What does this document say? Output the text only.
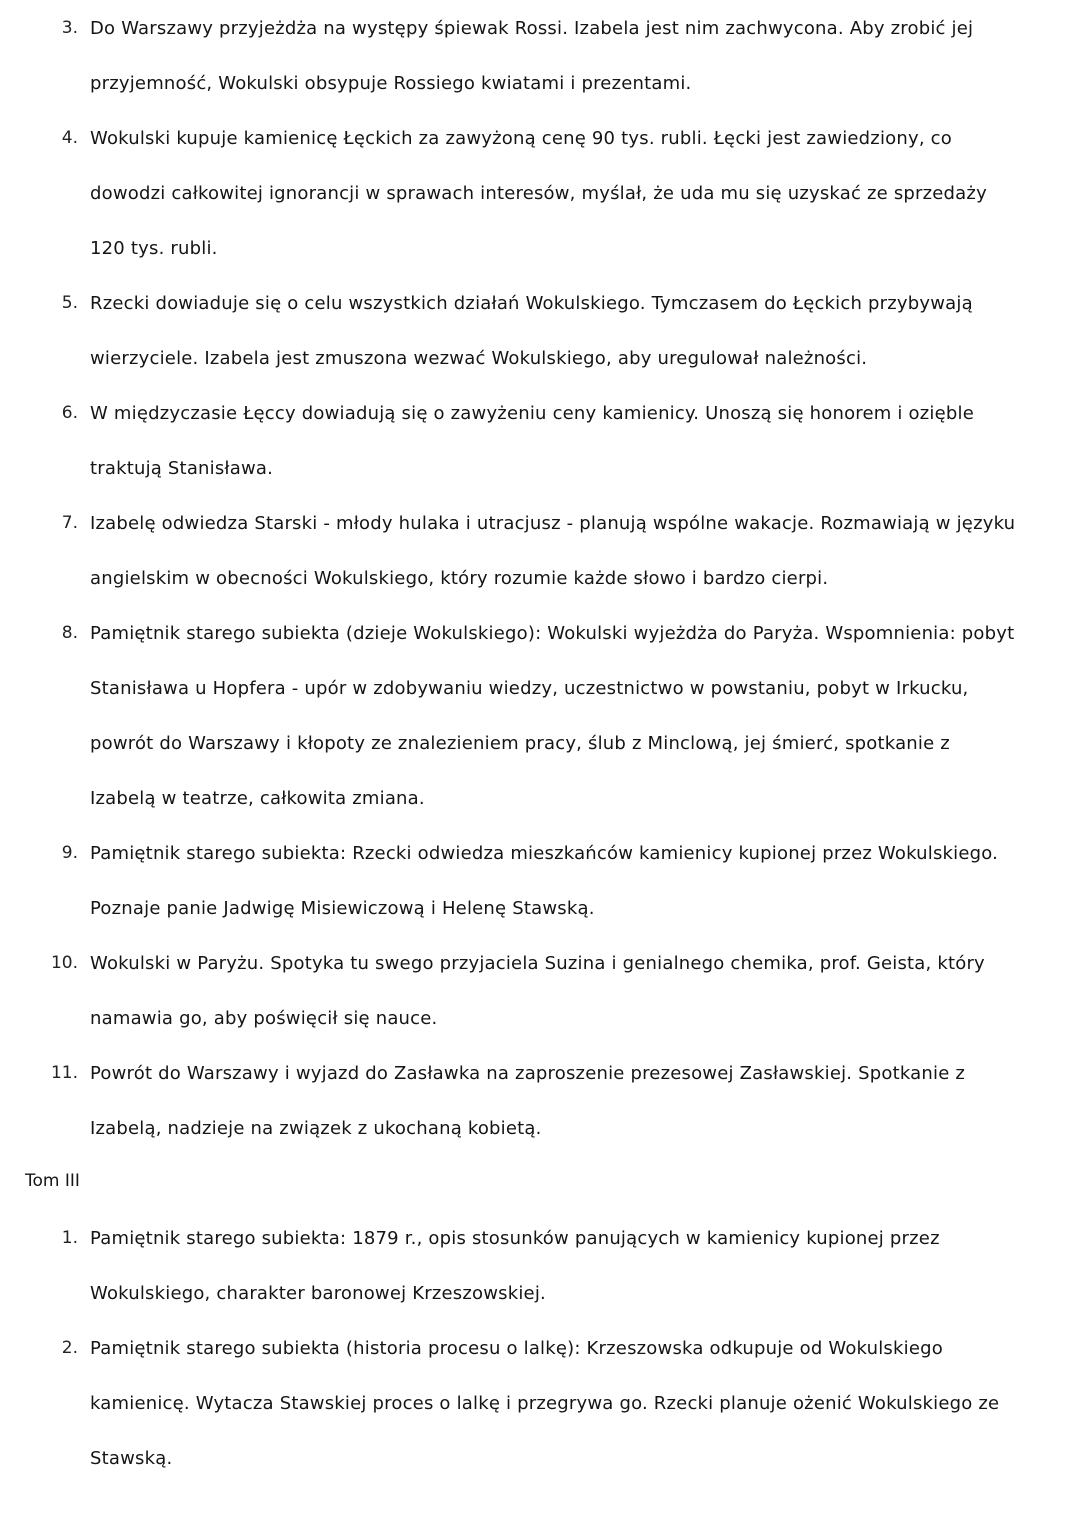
3. Do Warszawy przyjeżdża na występy śpiewak Rossi. Izabela jest nim zachwycona. Aby zrobić jej
przyjemność, Wokulski obsypuje Rossiego kwiatami i prezentami.
4. Wokulski kupuje kamienicę Łęckich za zawyżoną cenę 90 tys. rubli. Łęcki jest zawiedziony, co
dowodzi całkowitej ignorancji w sprawach interesów, myślał, że uda mu się uzyskać ze sprzedaży
120 tys. rubli.
5. Rzecki dowiaduje się o celu wszystkich działań Wokulskiego. Tymczasem do Łęckich przybywają
wierzyciele. Izabela jest zmuszona wezwać Wokulskiego, aby uregulował należności.
6. W międzyczasie Łęccy dowiadują się o zawyżeniu ceny kamienicy. Unoszą się honorem i ozięble
traktują Stanisława.
7. Izabelę odwiedza Starski - młody hulaka i utracjusz - planują wspólne wakacje. Rozmawiają w języku
angielskim w obecności Wokulskiego, który rozumie każde słowo i bardzo cierpi.
8. Pamiętnik starego subiekta (dzieje Wokulskiego): Wokulski wyjeżdża do Paryża. Wspomnienia: pobyt
Stanisława u Hopfera - upór w zdobywaniu wiedzy, uczestnictwo w powstaniu, pobyt w Irkucku,
powrót do Warszawy i kłopoty ze znalezieniem pracy, ślub z Minclową, jej śmierć, spotkanie z
Izabelą w teatrze, całkowita zmiana.
9. Pamiętnik starego subiekta: Rzecki odwiedza mieszkańców kamienicy kupionej przez Wokulskiego.
Poznaje panie Jadwigę Misiewiczową i Helenę Stawską.
10. Wokulski w Paryżu. Spotyka tu swego przyjaciela Suzina i genialnego chemika, prof. Geista, który
namawia go, aby poświęcił się nauce.
11. Powrót do Warszawy i wyjazd do Zasławka na zaproszenie prezesowej Zasławskiej. Spotkanie z
Izabelą, nadzieje na związek z ukochaną kobietą.
Tom III
1. Pamiętnik starego subiekta: 1879 r., opis stosunków panujących w kamienicy kupionej przez
Wokulskiego, charakter baronowej Krzeszowskiej.
2. Pamiętnik starego subiekta (historia procesu o lalkę): Krzeszowska odkupuje od Wokulskiego
kamienicę. Wytacza Stawskiej proces o lalkę i przegrywa go. Rzecki planuje ożenić Wokulskiego ze
Stawską.
